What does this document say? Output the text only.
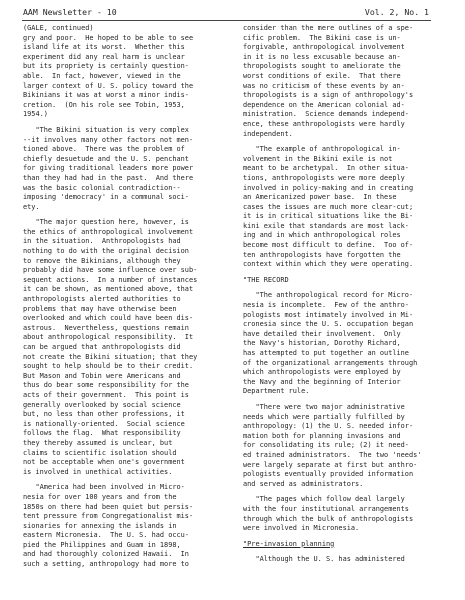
AAM Newsletter - 10	Vol. 2, No. 1

(GALE, continued)
gry and poor.  He hoped to be able to see
island life at its worst.  Whether this
experiment did any real harm is unclear
but its propriety is certainly question-
able.  In fact, however, viewed in the
larger context of U. S. policy toward the
Bikinians it was at worst a minor indis-
cretion.  (On his role see Tobin, 1953,
1954.)

"The Bikini situation is very complex
--it involves many other factors not men-
tioned above.  There was the problem of
chiefly desuetude and the U. S. penchant
for giving traditional leaders more power
than they had had in the past.  And there
was the basic colonial contradiction--
imposing 'democracy' in a communal soci-
ety.

"The major question here, however, is
the ethics of anthropological involvement
in the situation.  Anthropologists had
nothing to do with the original decision
to remove the Bikinians, although they
probably did have some influence over sub-
sequent actions.  In a number of instances
it can be shown, as mentioned above, that
anthropologists alerted authorities to
problems that may have otherwise been
overlooked and which could have been dis-
astrous.  Nevertheless, questions remain
about anthropological responsibility.  It
can be argued that anthropologists did
not create the Bikini situation; that they
sought to help should be to their credit.
But Mason and Tobin were Americans and
thus do bear some responsibility for the
acts of their government.  This point is
generally overlooked by social science
but, no less than other professions, it
is nationally-oriented.  Social science
follows the flag.  What responsibility
they thereby assumed is unclear, but
claims to scientific isolation should
not be acceptable when one's government
is involved in unethical activities.

"America had been involved in Micro-
nesia for over 100 years and from the
1850s on there had been quiet but persis-
tent pressure from Congregationalist mis-
sionaries for annexing the islands in
eastern Micronesia.  The U. S. had occu-
pied the Philippines and Guam in 1898,
and had thoroughly colonized Hawaii.  In
such a setting, anthropology had more to

consider than the mere outlines of a spe-
cific problem.  The Bikini case is un-
forgivable, anthropological involvement
in it is no less excusable because an-
thropologists sought to ameliorate the
worst conditions of exile.  That there
was no criticism of these events by an-
thropologists is a sign of anthropology's
dependence on the American colonial ad-
ministration.  Science demands independ-
ence, these anthropologists were hardly
independent.

"The example of anthropological in-
volvement in the Bikini exile is not
meant to be archetypal.  In other situa-
tions, anthropologists were more deeply
involved in policy-making and in creating
an Americanized power base.  In these
cases the issues are much more clear-cut;
it is in critical situations like the Bi-
kini exile that standards are most lack-
ing and in which anthropological roles
become most difficult to define.  Too of-
ten anthropologists have forgotten the
context within which they were operating.

"THE RECORD

"The anthropological record for Micro-
nesia is incomplete.  Few of the anthro-
pologists most intimately involved in Mi-
cronesia since the U. S. occupation began
have detailed their involvement.  Only
the Navy's historian, Dorothy Richard,
has attempted to put together an outline
of the organizational arrangements through
which anthropologists were employed by
the Navy and the beginning of Interior
Department rule.

"There were two major administrative
needs which were partially fulfilled by
anthropology: (1) the U. S. needed infor-
mation both for planning invasions and
for consolidating its rule; (2) it need-
ed trained administrators.  The two 'needs'
were largely separate at first but anthro-
pologists eventually provided information
and served as administrators.

"The pages which follow deal largely
with the four institutional arrangements
through which the bulk of anthropologists
were involved in Micronesia.

"Pre-invasion planning

"Although the U. S. has administered
